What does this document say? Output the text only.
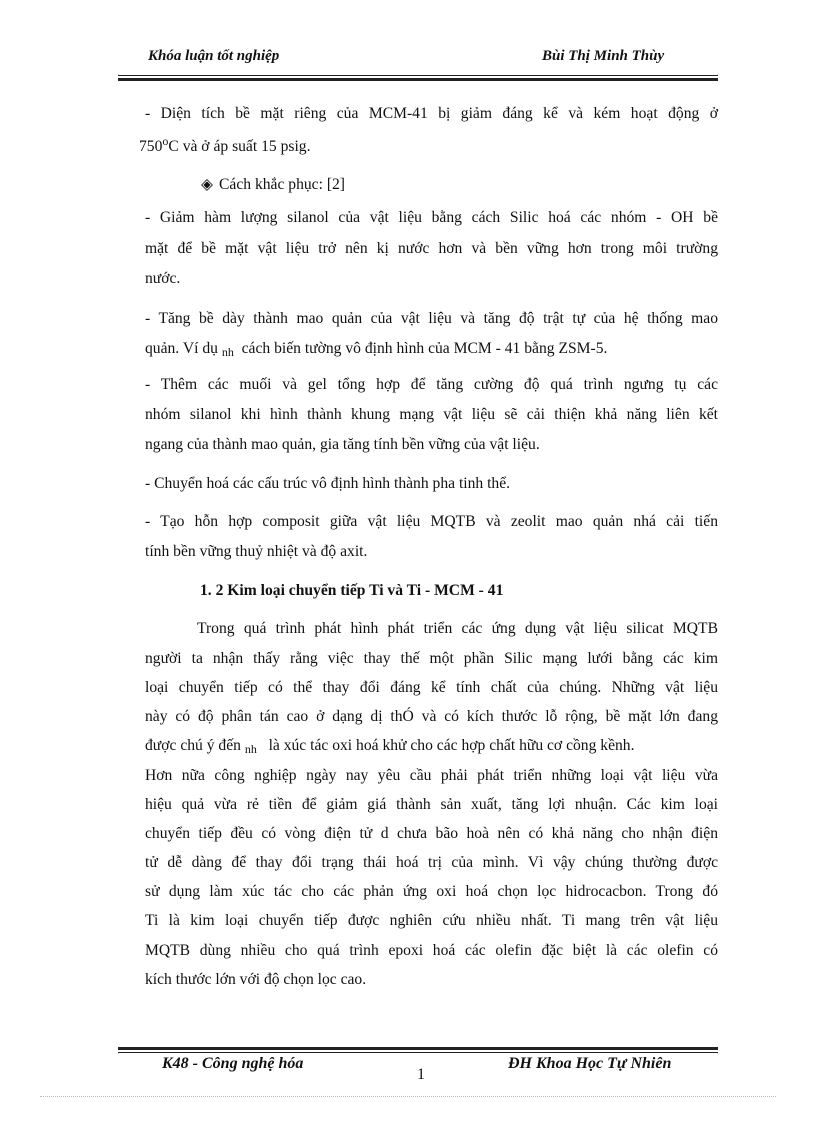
Khóa luận tốt nghiệp	Bùi Thị Minh Thùy
- Diện tích bề mặt riêng của MCM-41 bị giảm đáng kể và kém hoạt động ở
750$^o$C và ở áp suất 15 psig.
◈ Cách khắc phục: [2]
- Giảm hàm lượng silanol của vật liệu bằng cách Silic hoá các nhóm - OH bề
mặt để bề mặt vật liệu trở nên kị nước hơn và bền vững hơn trong môi trường
nước.
- Tăng bề dày thành mao quản của vật liệu và tăng độ trật tự của hệ thống mao
quản. Ví dụ $_{nh}$ cách biến tường vô định hình của MCM - 41 bằng ZSM-5.
- Thêm các muối và gel tổng hợp để tăng cường độ quá trình ngưng tụ các
nhóm silanol khi hình thành khung mạng vật liệu sẽ cải thiện khả năng liên kết
ngang của thành mao quản, gia tăng tính bền vững của vật liệu.
- Chuyển hoá các cấu trúc vô định hình thành pha tinh thể.
- Tạo hỗn hợp composit giữa vật liệu MQTB và zeolit mao quản nhá cải tiến
tính bền vững thuỷ nhiệt và độ axit.
1. 2 Kim loại chuyển tiếp Ti và Ti - MCM - 41
Trong quá trình phát hình phát triển các ứng dụng vật liệu silicat MQTB
người ta nhận thấy rằng việc thay thế một phần Silic mạng lưới bằng các kim
loại chuyển tiếp có thể thay đổi đáng kể tính chất của chúng. Những vật liệu
này có độ phân tán cao ở dạng dị thÓ và có kích thước lỗ rộng, bề mặt lớn đang
được chú ý đến $_{nh}$ là xúc tác oxi hoá khử cho các hợp chất hữu cơ cồng kềnh.
Hơn nữa công nghiệp ngày nay yêu cầu phải phát triển những loại vật liệu vừa
hiệu quả vừa rẻ tiền để giảm giá thành sản xuất, tăng lợi nhuận. Các kim loại
chuyển tiếp đều có vòng điện tử d chưa bão hoà nên có khả năng cho nhận điện
tử dễ dàng để thay đổi trạng thái hoá trị của mình. Vì vậy chúng thường được
sử dụng làm xúc tác cho các phản ứng oxi hoá chọn lọc hidrocacbon. Trong đó
Ti là kim loại chuyển tiếp được nghiên cứu nhiều nhất. Ti mang trên vật liệu
MQTB dùng nhiều cho quá trình epoxi hoá các olefin đặc biệt là các olefin có
kích thước lớn với độ chọn lọc cao.
K48 - Công nghệ hóa
1
ĐH Khoa Học Tự Nhiên
